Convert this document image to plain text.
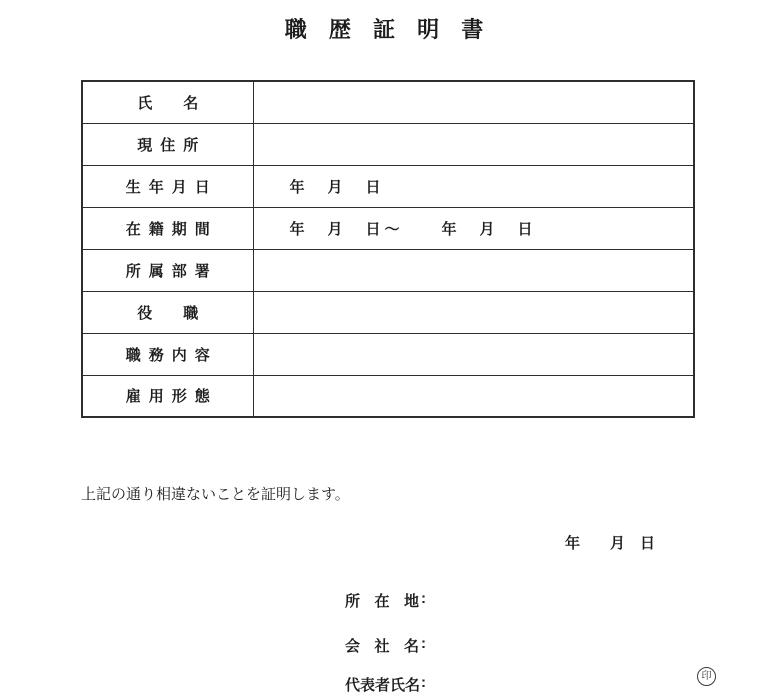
職 歴 証 明 書
氏　名	
現住所	
生年月日	年　月　日
在籍期間	年　月　日～　　年　月　日
所属部署	
役　職	
職務内容	
雇用形態	
上記の通り相違ないことを証明します。
年　　月　日
所在地 :
会社名 :
代表者氏名:	印
